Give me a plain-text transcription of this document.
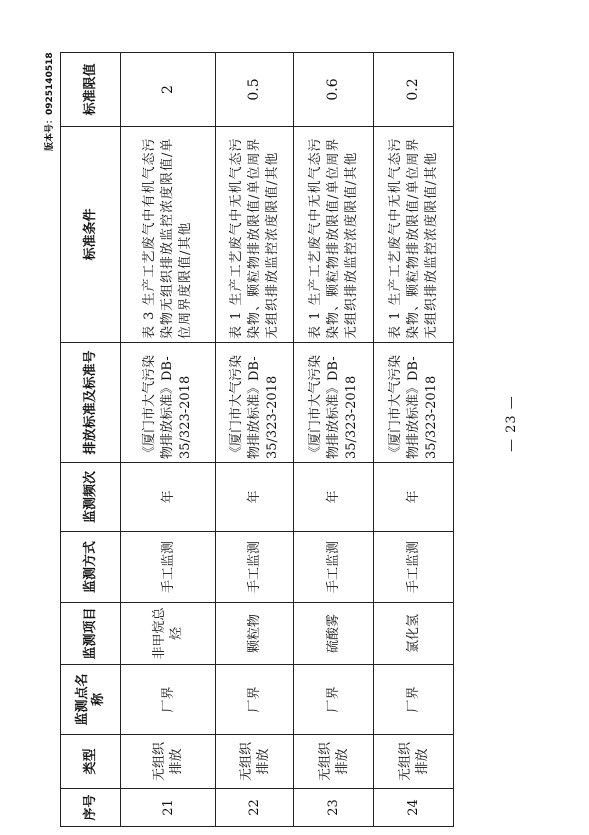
版本号：0925140518
序号	类型	监测点名称	监测项目	监测方式	监测频次	排放标准及标准号	标准条件	标准限值
21	无组织排放	厂界	非甲烷总烃	手工监测	年	《厦门市大气污染物排放标准》DB-35/323-2018	表 3 生产工艺废气中有机气态污染物无组织排放监控浓度限值/单位周界度限值/其他	2
22	无组织排放	厂界	颗粒物	手工监测	年	《厦门市大气污染物排放标准》DB-35/323-2018	表 1 生产工艺废气中无机气态污染物、颗粒物排放限值/单位周界无组织排放监控浓度限值/其他	0.5
23	无组织排放	厂界	硫酸雾	手工监测	年	《厦门市大气污染物排放标准》DB-35/323-2018	表 1 生产工艺废气中无机气态污染物、颗粒物排放限值/单位周界无组织排放监控浓度限值/其他	0.6
24	无组织排放	厂界	氯化氢	手工监测	年	《厦门市大气污染物排放标准》DB-35/323-2018	表 1 生产工艺废气中无机气态污染物、颗粒物排放限值/单位周界无组织排放监控浓度限值/其他	0.2
— 23 —
